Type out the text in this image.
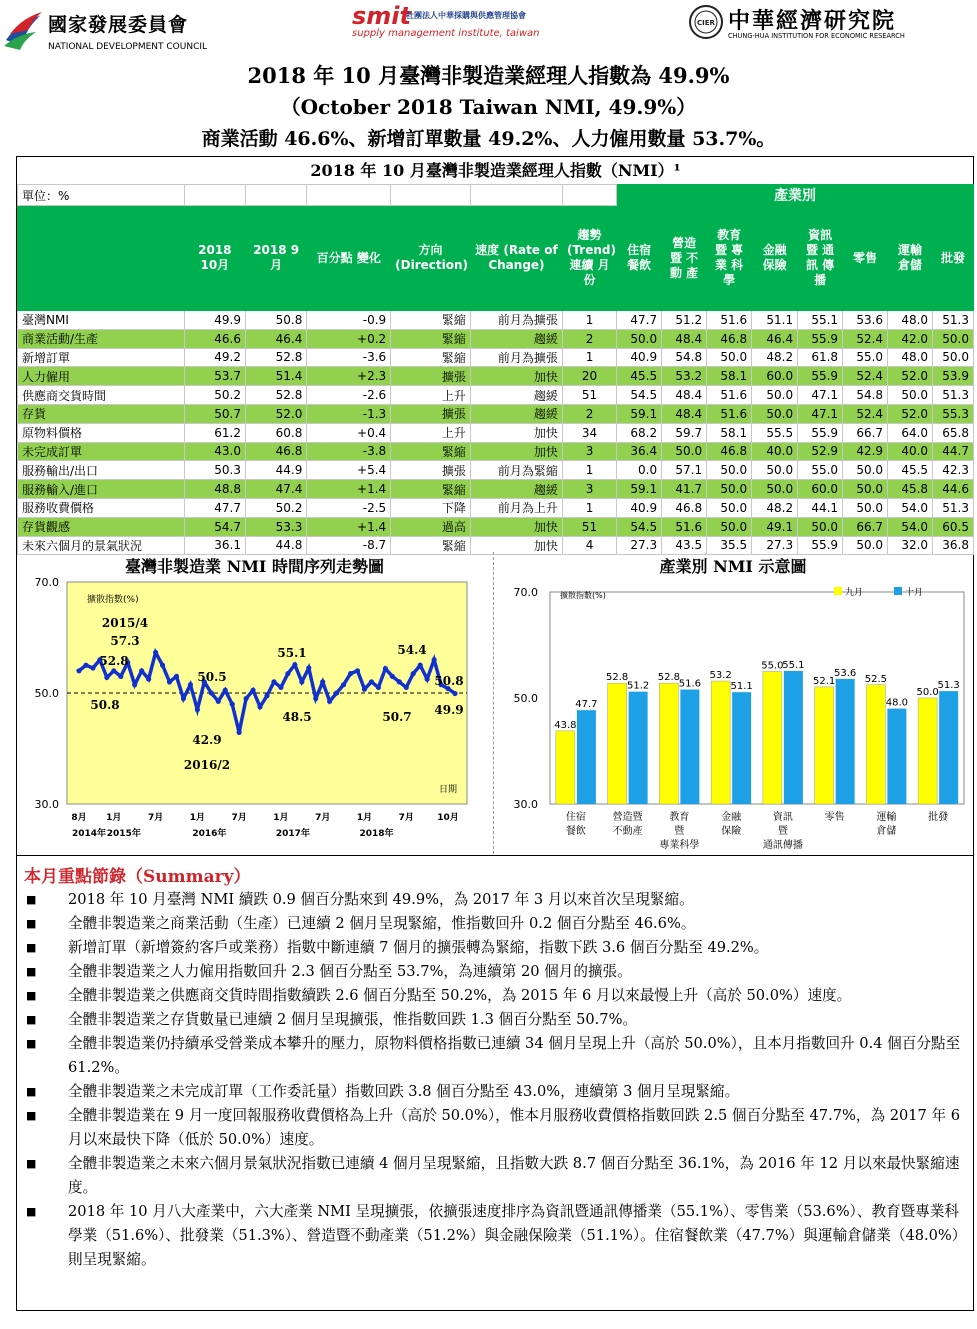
國家發展委員會
NATIONAL DEVELOPMENT COUNCIL
smit
社團法人中華採購與供應管理協會
supply management institute, taiwan
CIER 中華經濟研究院
CHUNG-HUA INSTITUTION FOR ECONOMIC RESEARCH
2018 年 10 月臺灣非製造業經理人指數為 49.9%
（October 2018 Taiwan NMI, 49.9%）
商業活動 46.6%、新增訂單數量 49.2%、人力僱用數量 53.7%。
2018 年 10 月臺灣非製造業經理人指數（NMI）¹
單位：%							產業別							
	2018 10月	2018 9月	百分點 變化	方向 (Direction)	速度 (Rate of Change)	趨勢 (Trend) 連續 月份	住宿 餐飲	營造 暨 不動 產	教育 暨 專業 科學	金融 保險	資訊 暨 通訊 傳播	零售	運輸 倉儲	批發
臺灣NMI	49.9	50.8	-0.9	緊縮	前月為擴張	1	47.7	51.2	51.6	51.1	55.1	53.6	48.0	51.3
商業活動/生產	46.6	46.4	+0.2	緊縮	趨緩	2	50.0	48.4	46.8	46.4	55.9	52.4	42.0	50.0
新增訂單	49.2	52.8	-3.6	緊縮	前月為擴張	1	40.9	54.8	50.0	48.2	61.8	55.0	48.0	50.0
人力僱用	53.7	51.4	+2.3	擴張	加快	20	45.5	53.2	58.1	60.0	55.9	52.4	52.0	53.9
供應商交貨時間	50.2	52.8	-2.6	上升	趨緩	51	54.5	48.4	51.6	50.0	47.1	54.8	50.0	51.3
存貨	50.7	52.0	-1.3	擴張	趨緩	2	59.1	48.4	51.6	50.0	47.1	52.4	52.0	55.3
原物料價格	61.2	60.8	+0.4	上升	加快	34	68.2	59.7	58.1	55.5	55.9	66.7	64.0	65.8
未完成訂單	43.0	46.8	-3.8	緊縮	加快	3	36.4	50.0	46.8	40.0	52.9	42.9	40.0	44.7
服務輸出/出口	50.3	44.9	+5.4	擴張	前月為緊縮	1	0.0	57.1	50.0	50.0	55.0	50.0	45.5	42.3
服務輸入/進口	48.8	47.4	+1.4	緊縮	趨緩	3	59.1	41.7	50.0	50.0	60.0	50.0	45.8	44.6
服務收費價格	47.7	50.2	-2.5	下降	前月為上升	1	40.9	46.8	50.0	48.2	44.1	50.0	54.0	51.3
存貨觀感	54.7	53.3	+1.4	過高	加快	51	54.5	51.6	50.0	49.1	50.0	66.7	54.0	60.5
未來六個月的景氣狀況	36.1	44.8	-8.7	緊縮	加快	4	27.3	43.5	35.5	27.3	55.9	50.0	32.0	36.8
臺灣非製造業 NMI 時間序列走勢圖
70.0
50.0
30.0
擴散指數(%)
日期
8月 1月	7月	1月	7月	1月	7月	1月	7月	10月
2014年 2015年	2016年	2017年	2018年
2015/4
57.3
52.8
50.8
50.5
42.9
2016/2
55.1
48.5	50.7
54.4
50.8
49.9
產業別 NMI 示意圖
70.0
50.0
30.0
擴散指數(%)	九月	十月
43.8
47.7
住宿
餐飲
52.8
51.2
營造暨
不動產
52.8
51.6
教育
暨
專業科學
53.2
51.1
金融
保險
55.0
55.1
資訊
暨
通訊傳播
52.1
53.6
零售
52.5
48.0
運輸
倉儲
50.0
51.3
批發
本月重點節錄（Summary）
■ 2018 年 10 月臺灣 NMI 續跌 0.9 個百分點來到 49.9%，為 2017 年 3 月以來首次呈現緊縮。
■ 全體非製造業之商業活動（生產）已連續 2 個月呈現緊縮，惟指數回升 0.2 個百分點至 46.6%。
■ 新增訂單（新增簽約客戶或業務）指數中斷連續 7 個月的擴張轉為緊縮，指數下跌 3.6 個百分點至 49.2%。
■ 全體非製造業之人力僱用指數回升 2.3 個百分點至 53.7%，為連續第 20 個月的擴張。
■ 全體非製造業之供應商交貨時間指數續跌 2.6 個百分點至 50.2%，為 2015 年 6 月以來最慢上升（高於 50.0%）速度。
■ 全體非製造業之存貨數量已連續 2 個月呈現擴張，惟指數回跌 1.3 個百分點至 50.7%。
■ 全體非製造業仍持續承受營業成本攀升的壓力，原物料價格指數已連續 34 個月呈現上升（高於 50.0%），且本月指數回升 0.4 個百分點至 61.2%。
■ 全體非製造業之未完成訂單（工作委託量）指數回跌 3.8 個百分點至 43.0%，連續第 3 個月呈現緊縮。
■ 全體非製造業在 9 月一度回報服務收費價格為上升（高於 50.0%），惟本月服務收費價格指數回跌 2.5 個百分點至 47.7%，為 2017 年 6 月以來最快下降（低於 50.0%）速度。
■ 全體非製造業之未來六個月景氣狀況指數已連續 4 個月呈現緊縮，且指數大跌 8.7 個百分點至 36.1%，為 2016 年 12 月以來最快緊縮速度。
■ 2018 年 10 月八大產業中，六大產業 NMI 呈現擴張，依擴張速度排序為資訊暨通訊傳播業（55.1%）、零售業（53.6%）、教育暨專業科學業（51.6%）、批發業（51.3%）、營造暨不動產業（51.2%）與金融保險業（51.1%）。住宿餐飲業（47.7%）與運輸倉儲業（48.0%）則呈現緊縮。
